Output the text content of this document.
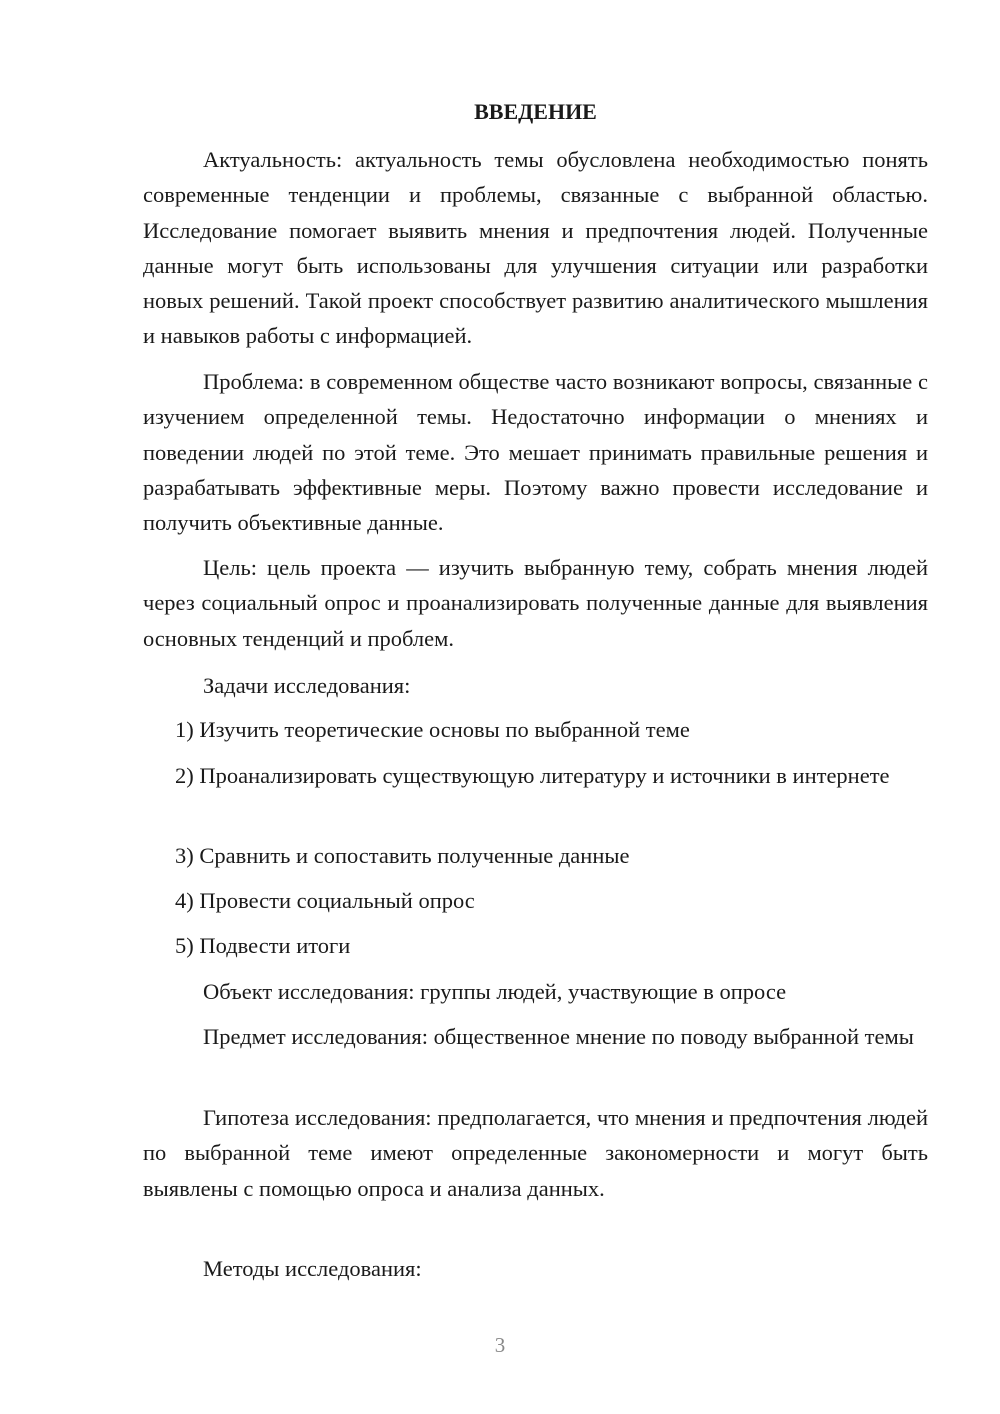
ВВЕДЕНИЕ

Актуальность: актуальность темы обусловлена необходимостью понять современные тенденции и проблемы, связанные с выбранной областью. Исследование помогает выявить мнения и предпочтения людей. Полученные данные могут быть использованы для улучшения ситуации или разработки новых решений. Такой проект способствует развитию аналитического мышления и навыков работы с информацией.

Проблема: в современном обществе часто возникают вопросы, связанные с изучением определенной темы. Недостаточно информации о мнениях и поведении людей по этой теме. Это мешает принимать правильные решения и разрабатывать эффективные меры. Поэтому важно провести исследование и получить объективные данные.

Цель: цель проекта — изучить выбранную тему, собрать мнения людей через социальный опрос и проанализировать полученные данные для выявления основных тенденций и проблем.

Задачи исследования:

1) Изучить теоретические основы по выбранной теме

2) Проанализировать существующую литературу и источники в интернете

3) Сравнить и сопоставить полученные данные

4) Провести социальный опрос

5) Подвести итоги

Объект исследования: группы людей, участвующие в опросе

Предмет исследования: общественное мнение по поводу выбранной темы

Гипотеза исследования: предполагается, что мнения и предпочтения людей по выбранной теме имеют определенные закономерности и могут быть выявлены с помощью опроса и анализа данных.

Методы исследования:

3
